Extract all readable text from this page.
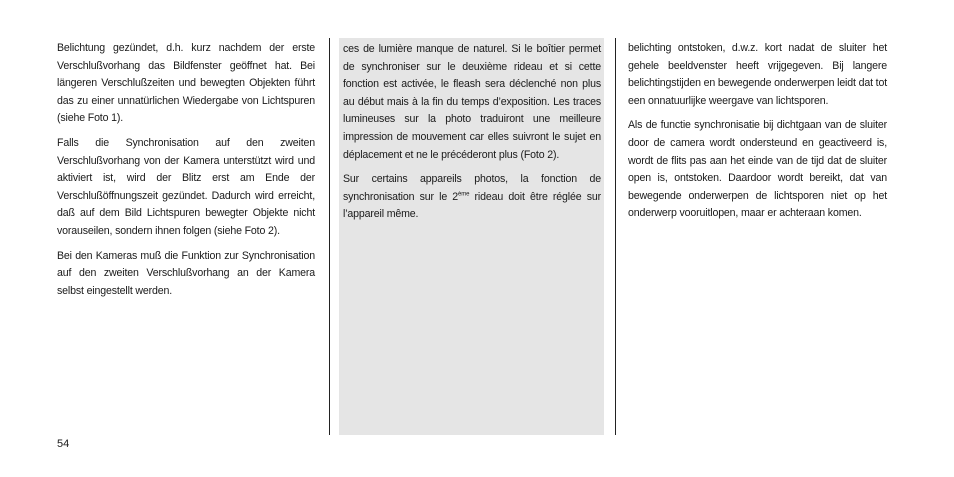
Belichtung gezündet, d.h. kurz nachdem der erste Verschlußvorhang das Bildfenster geöffnet hat. Bei längeren Verschlußzeiten und bewegten Objekten führt das zu einer unnatürlichen Wiedergabe von Lichtspuren (siehe Foto 1).

Falls die Synchronisation auf den zweiten Verschlußvorhang von der Kamera unterstützt wird und aktiviert ist, wird der Blitz erst am Ende der Verschlußöffnungszeit gezündet. Dadurch wird erreicht, daß auf dem Bild Lichtspuren bewegter Objekte nicht vorauseilen, sondern ihnen folgen (siehe Foto 2).

Bei den Kameras muß die Funktion zur Synchronisation auf den zweiten Verschlußvorhang an der Kamera selbst eingestellt werden.

ces de lumière manque de naturel. Si le boîtier permet de synchroniser sur le deuxième rideau et si cette fonction est activée, le fleash sera déclenché non plus au début mais à la fin du temps d’exposition. Les traces lumineuses sur la photo traduiront une meilleure impression de mouvement car elles suivront le sujet en déplacement et ne le précéderont plus (Foto 2).

Sur certains appareils photos, la fonction de synchronisation sur le 2ème rideau doit être réglée sur l’appareil même.

belichting ontstoken, d.w.z. kort nadat de sluiter het gehele beeldvenster heeft vrijgegeven. Bij langere belichtingstijden en bewegende onderwerpen leidt dat tot een onnatuurlijke weergave van lichtsporen.

Als de functie synchronisatie bij dichtgaan van de sluiter door de camera wordt ondersteund en geactiveerd is, wordt de flits pas aan het einde van de tijd dat de sluiter open is, ontstoken. Daardoor wordt bereikt, dat van bewegende onderwerpen de lichtsporen niet op het onderwerp vooruitlopen, maar er achteraan komen.

54
